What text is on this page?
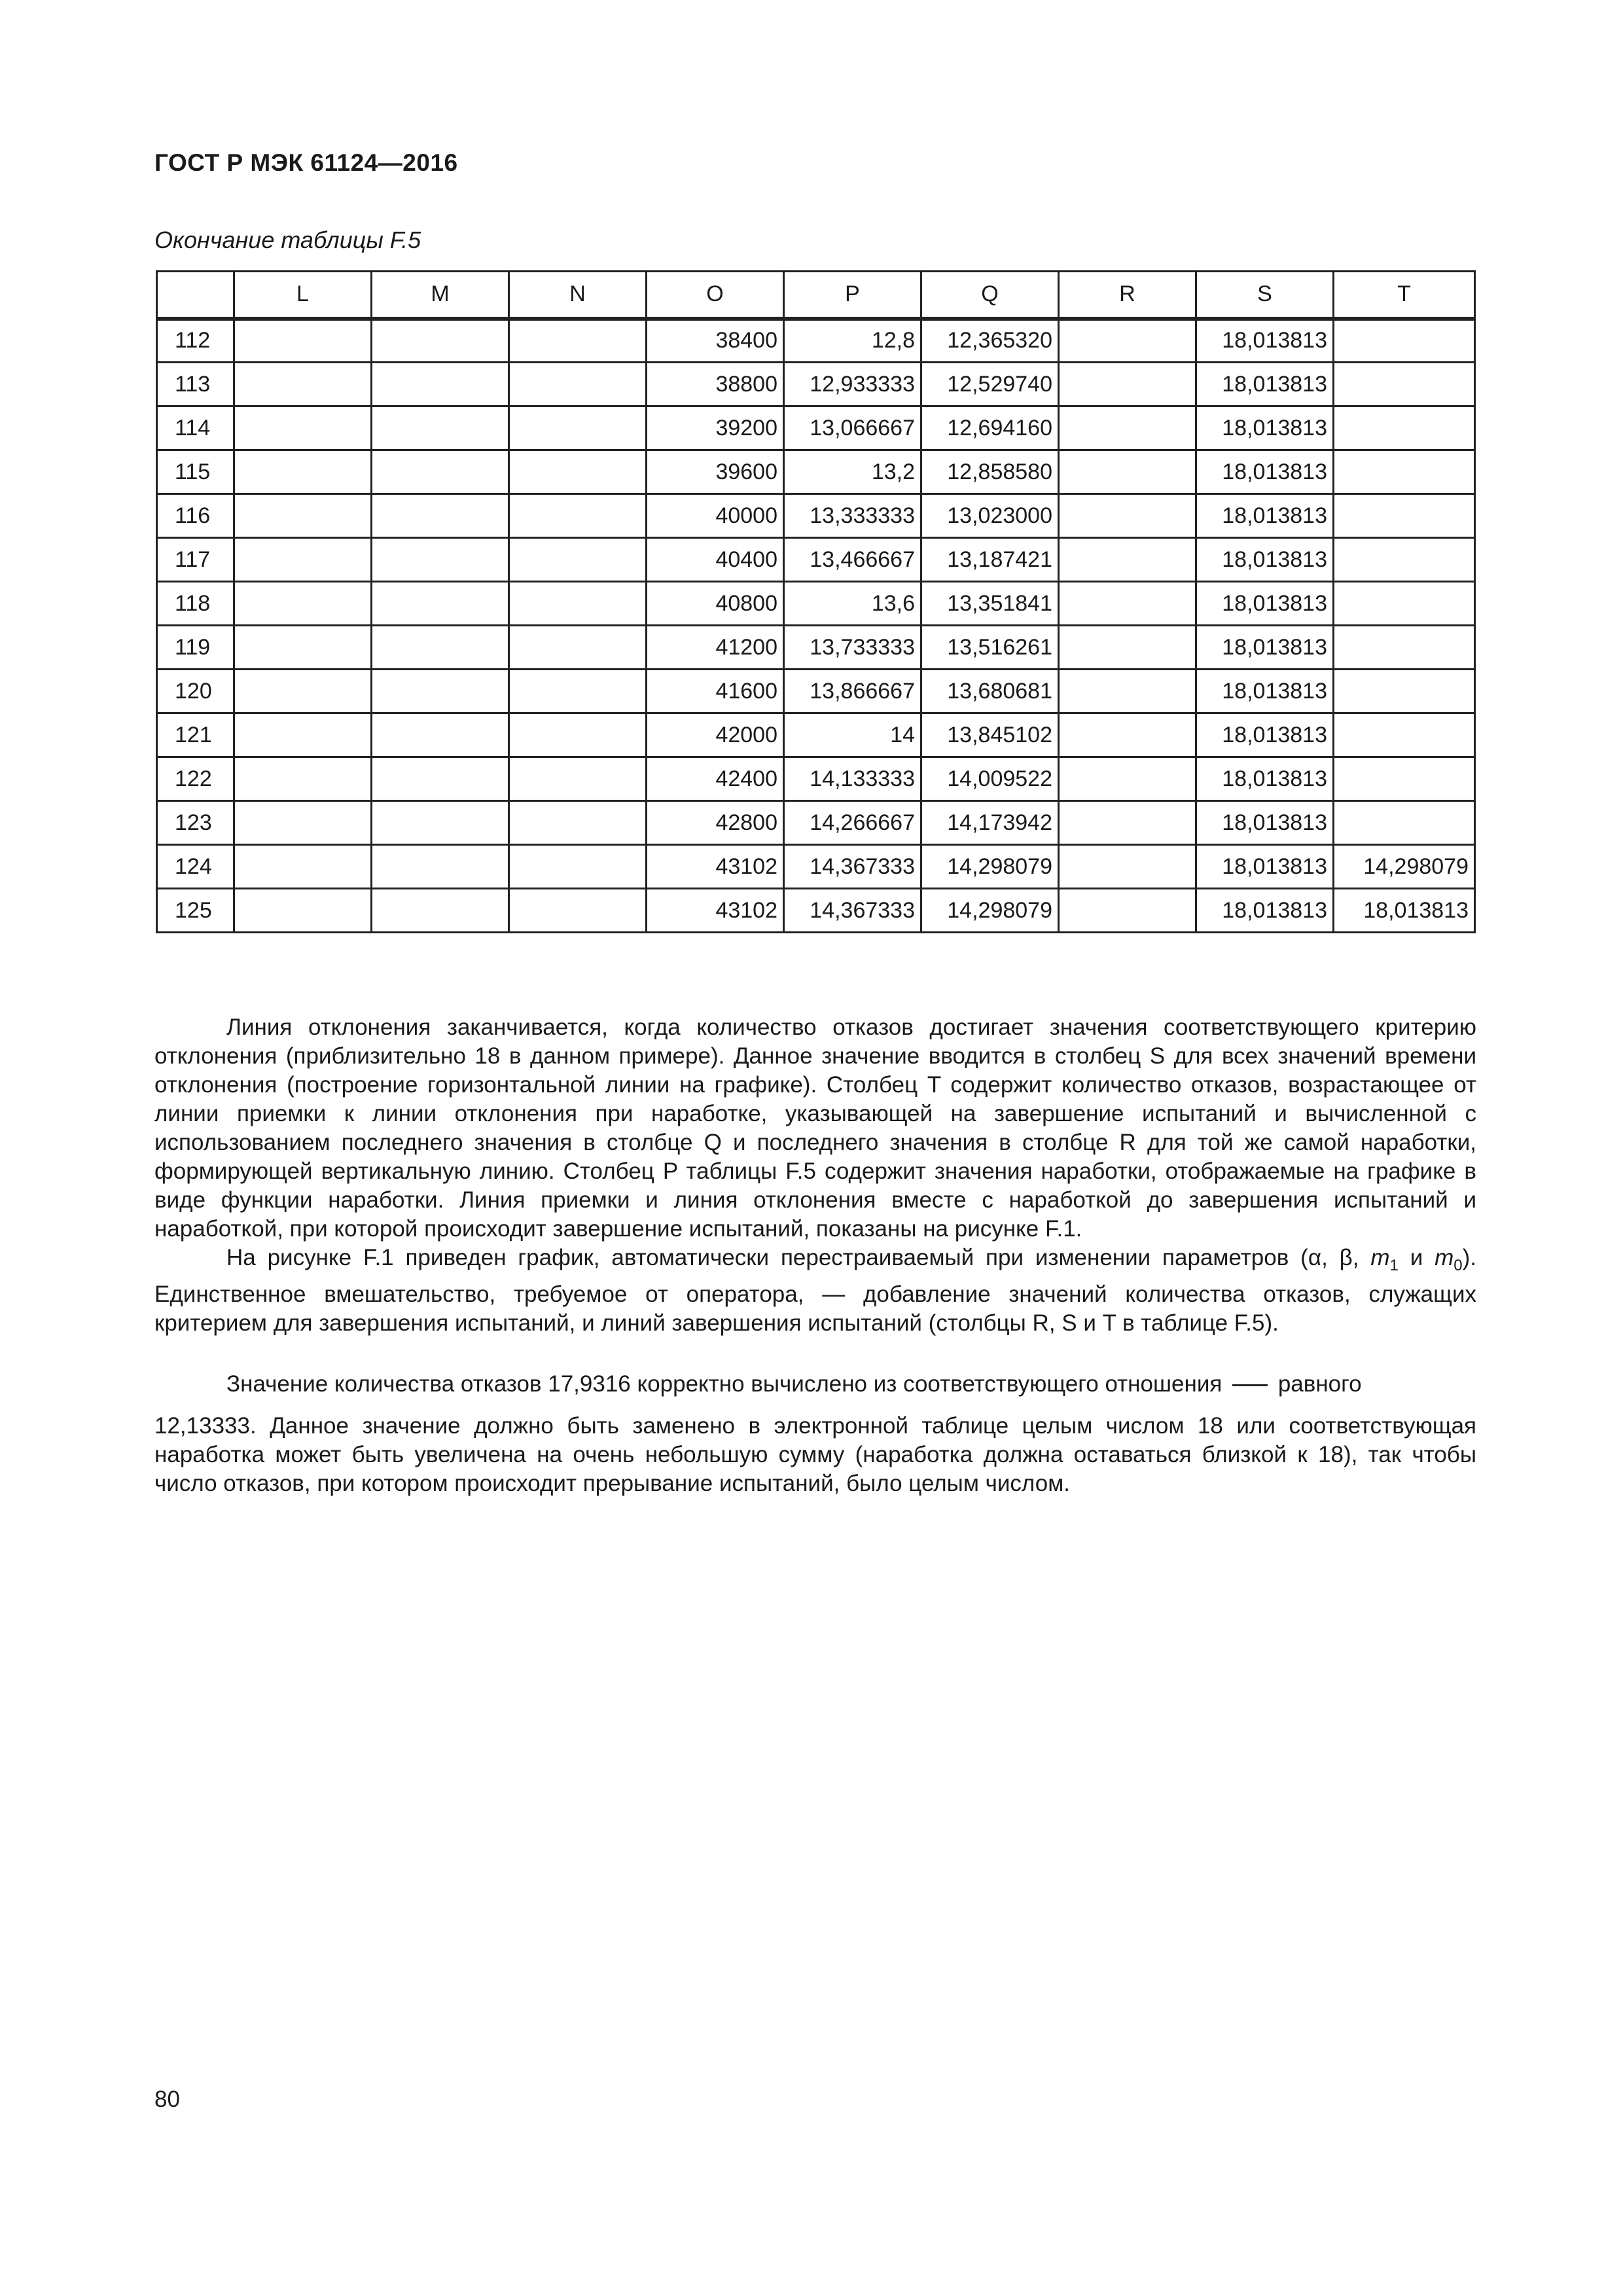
ГОСТ Р МЭК 61124—2016
Окончание таблицы F.5
	L	M	N	O	P	Q	R	S	T
112				38400	12,8	12,365320		18,013813	
113				38800	12,933333	12,529740		18,013813	
114				39200	13,066667	12,694160		18,013813	
115				39600	13,2	12,858580		18,013813	
116				40000	13,333333	13,023000		18,013813	
117				40400	13,466667	13,187421		18,013813	
118				40800	13,6	13,351841		18,013813	
119				41200	13,733333	13,516261		18,013813	
120				41600	13,866667	13,680681		18,013813	
121				42000	14	13,845102		18,013813	
122				42400	14,133333	14,009522		18,013813	
123				42800	14,266667	14,173942		18,013813	
124				43102	14,367333	14,298079		18,013813	14,298079
125				43102	14,367333	14,298079		18,013813	18,013813

Линия отклонения заканчивается, когда количество отказов достигает значения соответствующего критерию отклонения (приблизительно 18 в данном примере). Данное значение вводится в столбец S для всех значений времени отклонения (построение горизонтальной линии на графике). Столбец T содержит количество отказов, возрастающее от линии приемки к линии отклонения при наработке, указывающей на завершение испытаний и вычисленной с использованием последнего значения в столбце Q и последнего значения в столбце R для той же самой наработки, формирующей вертикальную линию. Столбец P таблицы F.5 содержит значения наработки, отображаемые на графике в виде функции наработки. Линия приемки и линия отклонения вместе с наработкой до завершения испытаний и наработкой, при которой происходит завершение испытаний, показаны на рисунке F.1.

На рисунке F.1 приведен график, автоматически перестраиваемый при изменении параметров (α, β, $m_1$ и $m_0$). Единственное вмешательство, требуемое от оператора, — добавление значений количества отказов, служащих критерием для завершения испытаний, и линий завершения испытаний (столбцы R, S и T в таблице F.5).

Значение количества отказов 17,9316 корректно вычислено из соответствующего отношения равного

12,13333. Данное значение должно быть заменено в электронной таблице целым числом 18 или соответствующая наработка может быть увеличена на очень небольшую сумму (наработка должна оставаться близкой к 18), так чтобы число отказов, при котором происходит прерывание испытаний, было целым числом.

80
